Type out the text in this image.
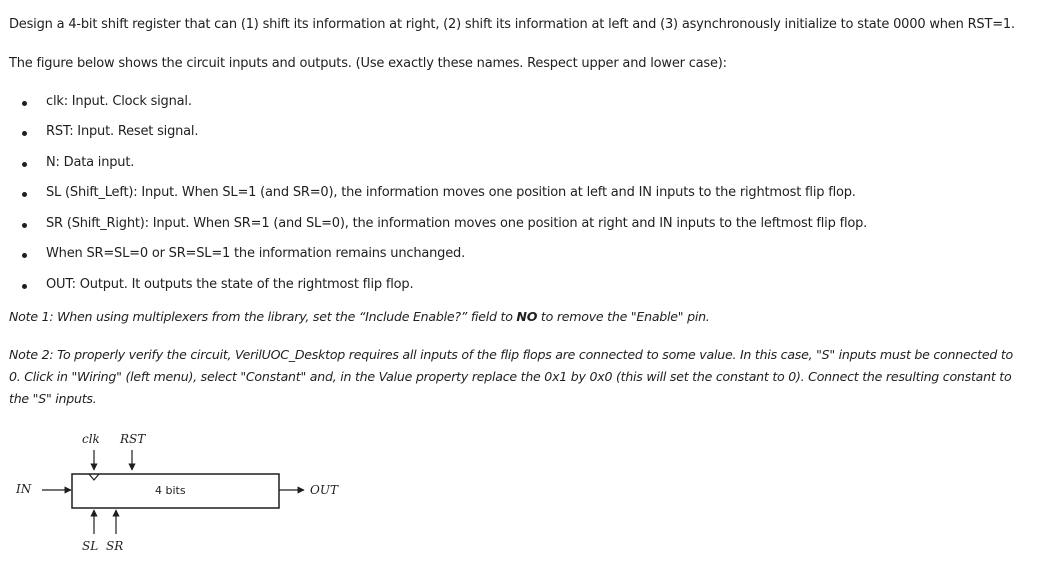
Design a 4-bit shift register that can (1) shift its information at right, (2) shift its information at left and (3) asynchronously initialize to state 0000 when RST=1.
The figure below shows the circuit inputs and outputs. (Use exactly these names. Respect upper and lower case):
clk: Input. Clock signal.
RST: Input. Reset signal.
N: Data input.
SL (Shift_Left): Input. When SL=1 (and SR=0), the information moves one position at left and IN inputs to the rightmost flip flop.
SR (Shift_Right): Input. When SR=1 (and SL=0), the information moves one position at right and IN inputs to the leftmost flip flop.
When SR=SL=0 or SR=SL=1 the information remains unchanged.
OUT: Output. It outputs the state of the rightmost flip flop.
Note 1: When using multiplexers from the library, set the “Include Enable?” field to NO to remove the "Enable" pin.
Note 2: To properly verify the circuit, VerilUOC_Desktop requires all inputs of the flip flops are connected to some value. In this case, "S" inputs must be connected to
0. Click in "Wiring" (left menu), select "Constant" and, in the Value property replace the 0x1 by 0x0 (this will set the constant to 0). Connect the resulting constant to
the "S" inputs.
clk RST
4 bits
IN	OUT
SL SR
